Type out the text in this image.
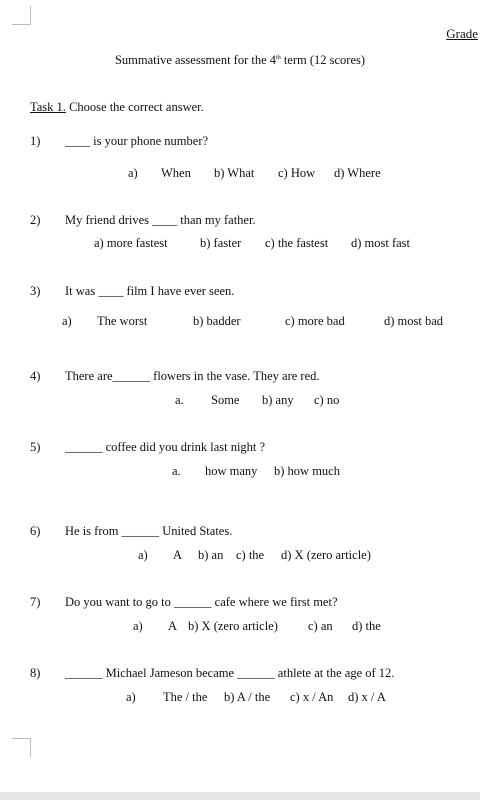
Grade
Summative assessment for the 4th term (12 scores)
Task 1. Choose the correct answer.
1) ____ is your phone number?
a) When b) What c) How d) Where
2) My friend drives ____ than my father.
a) more fastest	b) faster c) the fastest d) most fast
3) It was ____ film I have ever seen.
a) The worst	b) badder	c) more bad	d) most bad
4) There are______ flowers in the vase. They are red.
a. Some b) any c) no
5) ______ coffee did you drink last night ?
a. how many b) how much
6) He is from ______ United States.
a) A b) an c) the d) X (zero article)
7) Do you want to go to ______ cafe where we first met?
a) A b) X (zero article) c) an d) the
8) ______ Michael Jameson became ______ athlete at the age of 12.
a) The / the b) A / the c) x / An d) x / A
